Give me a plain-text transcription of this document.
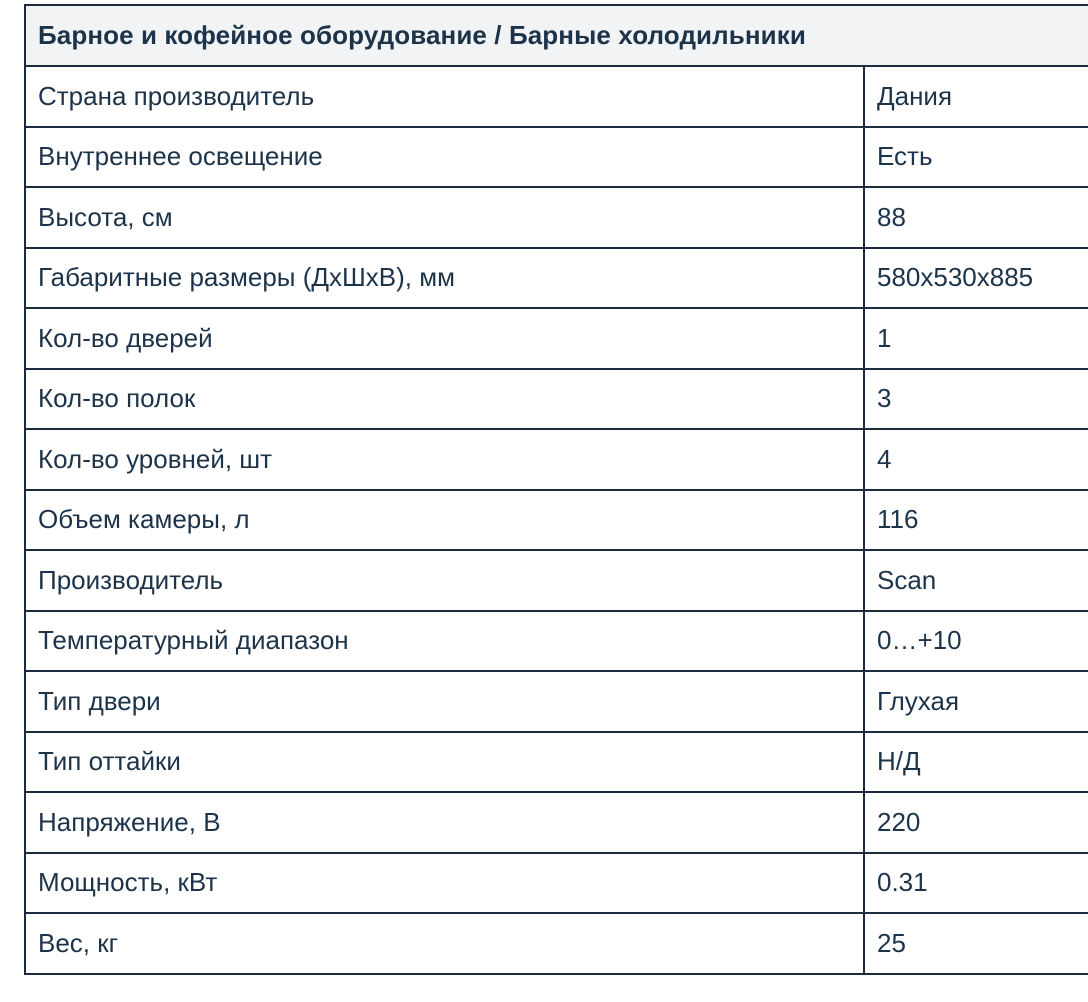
Барное и кофейное оборудование / Барные холодильники	
Страна производитель	Дания
Внутреннее освещение	Есть
Высота, см	88
Габаритные размеры (ДхШхВ), мм	580x530x885
Кол-во дверей	1
Кол-во полок	3
Кол-во уровней, шт	4
Объем камеры, л	116
Производитель	Scan
Температурный диапазон	0…+10
Тип двери	Глухая
Тип оттайки	Н/Д
Напряжение, В	220
Мощность, кВт	0.31
Вес, кг	25
